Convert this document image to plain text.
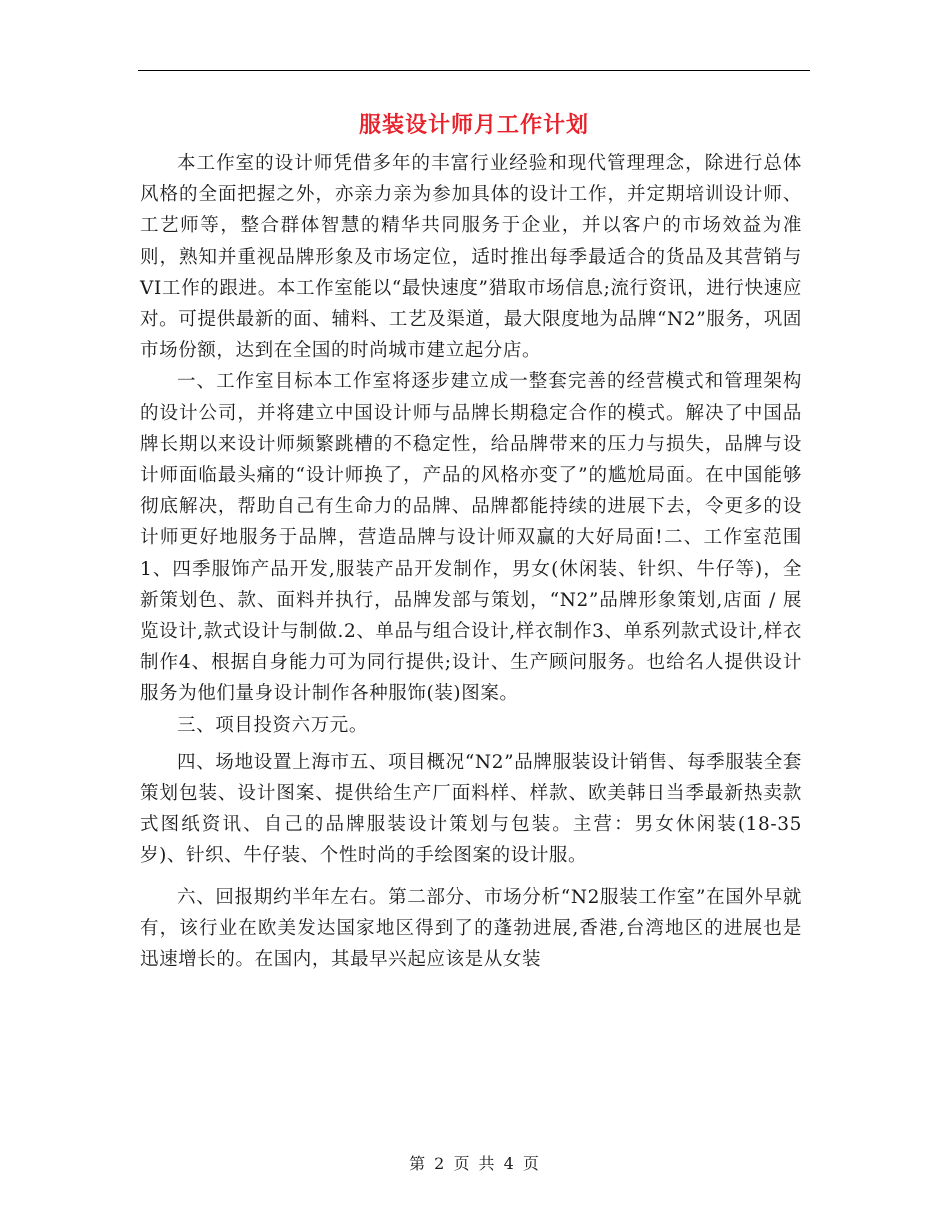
服装设计师月工作计划

本工作室的设计师凭借多年的丰富行业经验和现代管理理念，除进行总体风格的全面把握之外，亦亲力亲为参加具体的设计工作，并定期培训设计师、工艺师等，整合群体智慧的精华共同服务于企业，并以客户的市场效益为准则，熟知并重视品牌形象及市场定位，适时推出每季最适合的货品及其营销与VI工作的跟进。本工作室能以“最快速度”猎取市场信息;流行资讯，进行快速应对。可提供最新的面、辅料、工艺及渠道，最大限度地为品牌“N2”服务，巩固市场份额，达到在全国的时尚城市建立起分店。

一、工作室目标本工作室将逐步建立成一整套完善的经营模式和管理架构的设计公司，并将建立中国设计师与品牌长期稳定合作的模式。解决了中国品牌长期以来设计师频繁跳槽的不稳定性，给品牌带来的压力与损失，品牌与设计师面临最头痛的“设计师换了，产品的风格亦变了”的尴尬局面。在中国能够彻底解决，帮助自己有生命力的品牌、品牌都能持续的进展下去，令更多的设计师更好地服务于品牌，营造品牌与设计师双赢的大好局面!二、工作室范围1、四季服饰产品开发,服装产品开发制作，男女(休闲装、针织、牛仔等)，全新策划色、款、面料并执行，品牌发部与策划，“N2”品牌形象策划,店面 / 展览设计,款式设计与制做.2、单品与组合设计,样衣制作3、单系列款式设计,样衣制作4、根据自身能力可为同行提供;设计、生产顾问服务。也给名人提供设计服务为他们量身设计制作各种服饰(装)图案。

三、项目投资六万元。

四、场地设置上海市五、项目概况“N2”品牌服装设计销售、每季服装全套策划包装、设计图案、提供给生产厂面料样、样款、欧美韩日当季最新热卖款式图纸资讯、自己的品牌服装设计策划与包装。主营：男女休闲装(18-35岁)、针织、牛仔装、个性时尚的手绘图案的设计服。

六、回报期约半年左右。第二部分、市场分析“N2服装工作室”在国外早就有，该行业在欧美发达国家地区得到了的蓬勃进展,香港,台湾地区的进展也是迅速增长的。在国内，其最早兴起应该是从女装

第 2 页 共 4 页
